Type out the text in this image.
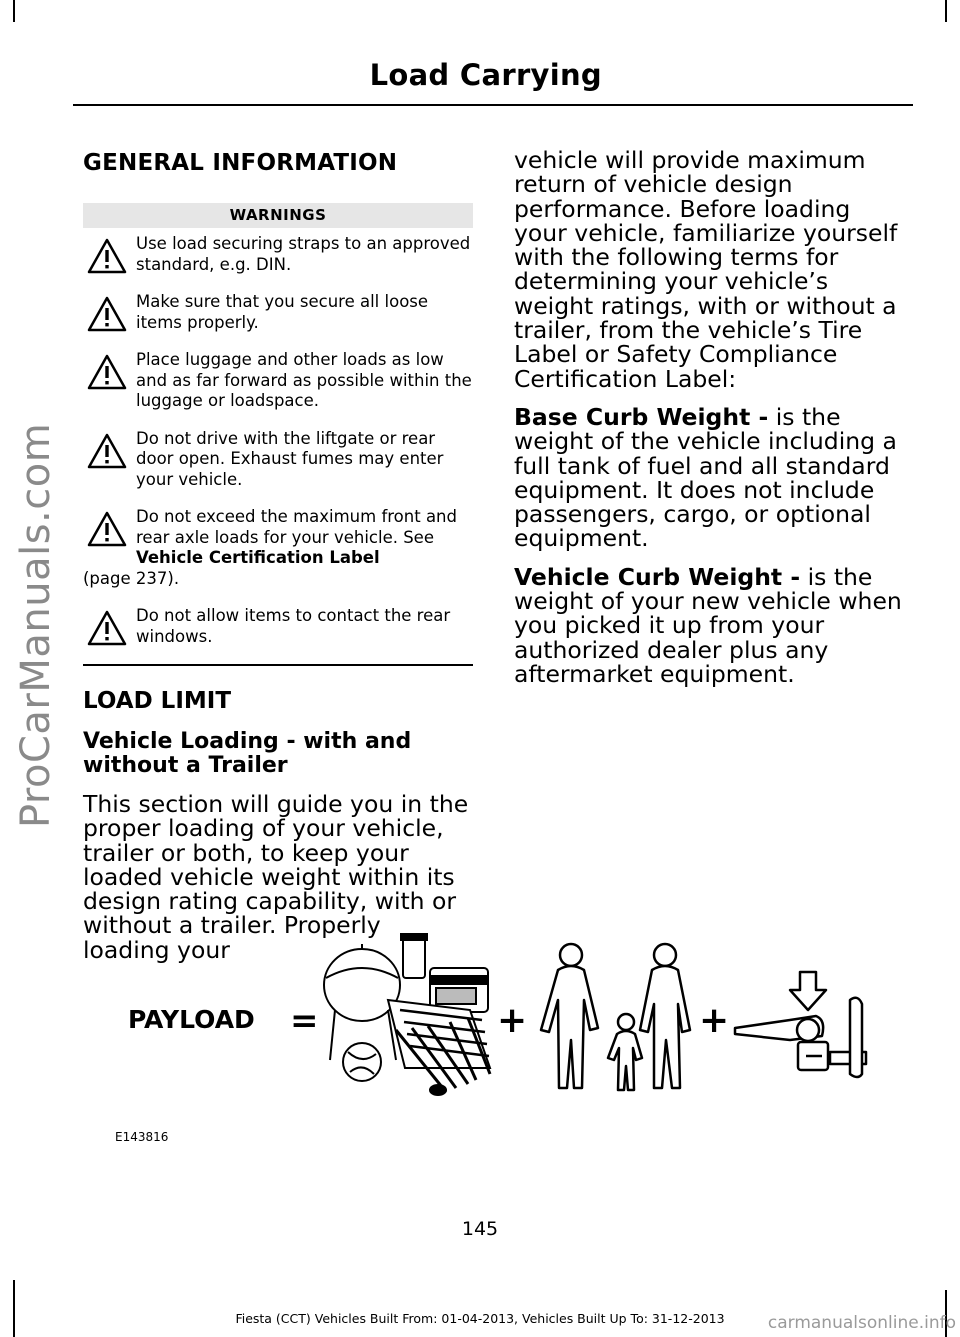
ProCarManuals.com
Load Carrying
GENERAL INFORMATION
WARNINGS
Use load securing straps to an approved standard, e.g. DIN.
Make sure that you secure all loose items properly.
Place luggage and other loads as low and as far forward as possible within the luggage or loadspace.
Do not drive with the liftgate or rear door open. Exhaust fumes may enter your vehicle.
Do not exceed the maximum front and rear axle loads for your vehicle. See Vehicle Certification Label
(page 237).
Do not allow items to contact the rear windows.
LOAD LIMIT
Vehicle Loading - with and without a Trailer

This section will guide you in the proper loading of your vehicle, trailer or both, to keep your loaded vehicle weight within its design rating capability, with or without a trailer. Properly loading your

vehicle will provide maximum return of vehicle design performance. Before loading your vehicle, familiarize yourself with the following terms for determining your vehicle’s weight ratings, with or without a trailer, from the vehicle’s Tire Label or Safety Compliance Certification Label:

Base Curb Weight - is the weight of the vehicle including a full tank of fuel and all standard equipment. It does not include passengers, cargo, or optional equipment.

Vehicle Curb Weight - is the weight of your new vehicle when you picked it up from your authorized dealer plus any aftermarket equipment.

PAYLOAD =	+	+
E143816
145
Fiesta (CCT) Vehicles Built From: 01-04-2013, Vehicles Built Up To: 31-12-2013	carmanualsonline.info
